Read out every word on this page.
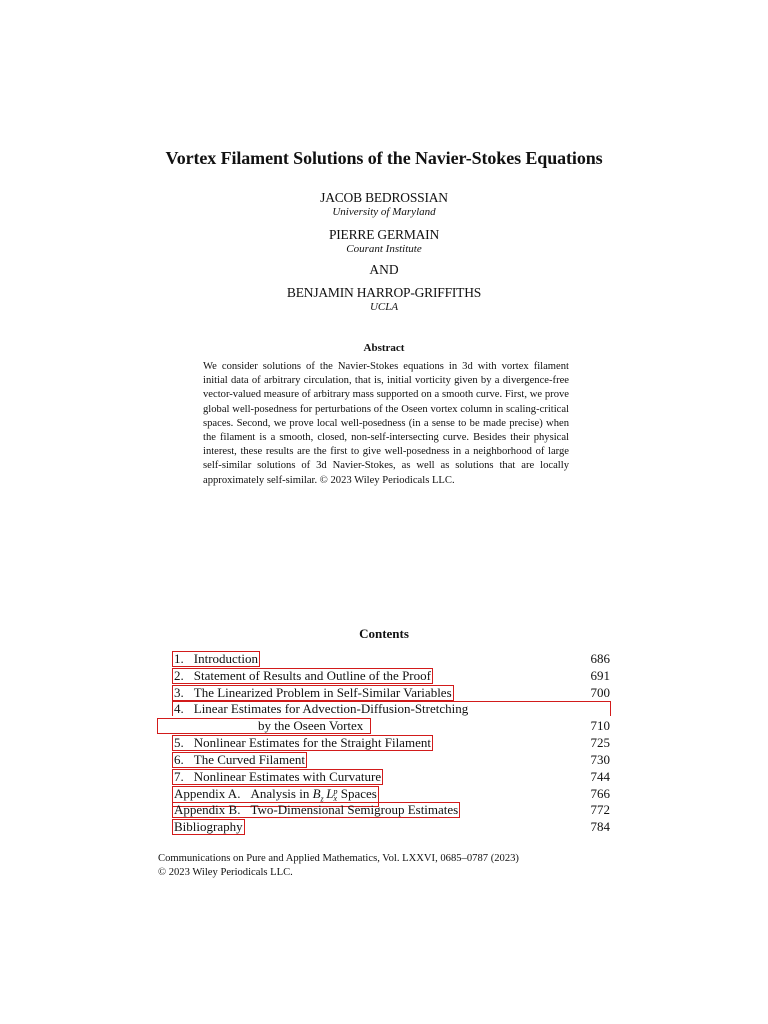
Vortex Filament Solutions of the Navier-Stokes Equations
JACOB BEDROSSIAN
University of Maryland
PIERRE GERMAIN
Courant Institute
AND
BENJAMIN HARROP-GRIFFITHS
UCLA
Abstract
We consider solutions of the Navier-Stokes equations in 3d with vortex filament initial data of arbitrary circulation, that is, initial vorticity given by a divergence-free vector-valued measure of arbitrary mass supported on a smooth curve. First, we prove global well-posedness for perturbations of the Oseen vortex column in scaling-critical spaces. Second, we prove local well-posedness (in a sense to be made precise) when the filament is a smooth, closed, non-self-intersecting curve. Besides their physical interest, these results are the first to give well-posedness in a neighborhood of large self-similar solutions of 3d Navier-Stokes, as well as solutions that are locally approximately self-similar. © 2023 Wiley Periodicals LLC.
Contents
1. Introduction	686
2. Statement of Results and Outline of the Proof	691
3. The Linearized Problem in Self-Similar Variables	700
4. Linear Estimates for Advection-Diffusion-Stretching
by the Oseen Vortex	710
5. Nonlinear Estimates for the Straight Filament	725
6. The Curved Filament	730
7. Nonlinear Estimates with Curvature	744
Appendix A. Analysis in $B_z$  L p
x Spaces	766
Appendix B. Two-Dimensional Semigroup Estimates	772
Bibliography	784
Communications on Pure and Applied Mathematics, Vol. LXXVI, 0685–0787 (2023)
© 2023 Wiley Periodicals LLC.
